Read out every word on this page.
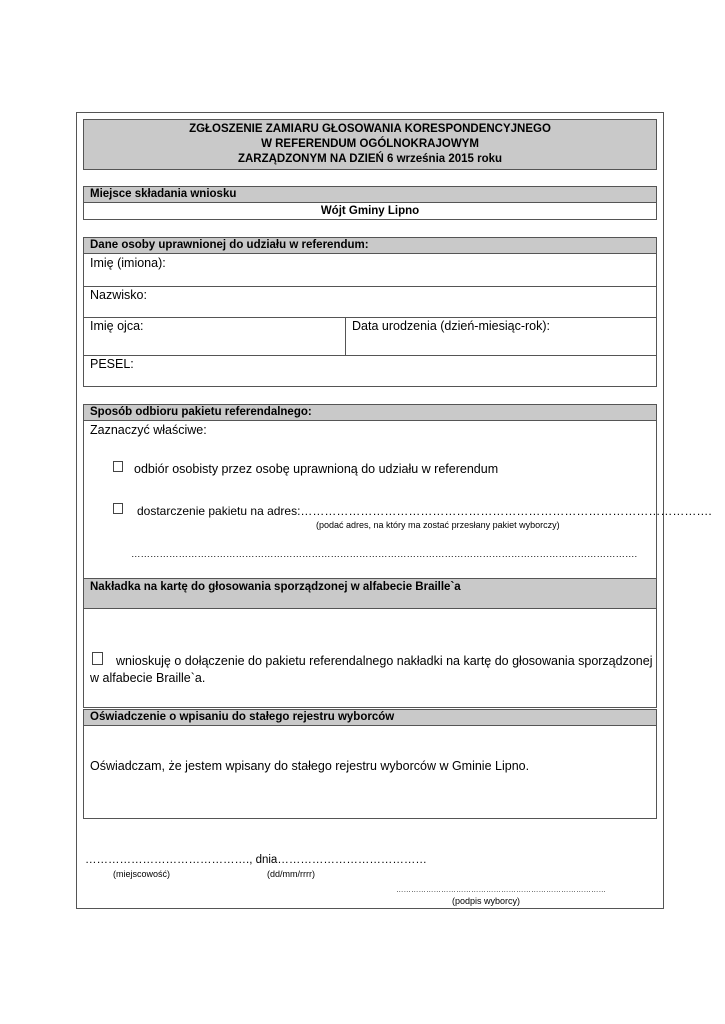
ZGŁOSZENIE ZAMIARU GŁOSOWANIA KORESPONDENCYJNEGO
W REFERENDUM OGÓLNOKRAJOWYM
ZARZĄDZONYM NA DZIEŃ 6 września 2015 roku
Miejsce składania wniosku
Wójt Gminy Lipno
Dane osoby uprawnionej do udziału w referendum:
Imię (imiona):
Nazwisko:
Imię ojca:	Data urodzenia (dzień-miesiąc-rok):
PESEL:
Sposób odbioru pakietu referendalnego:
Zaznaczyć właściwe:
odbiór osobisty przez osobę uprawnioną do udziału w referendum
dostarczenie pakietu na adres:………………………………………………………………………………………….
(podać adres, na który ma zostać przesłany pakiet wyborczy)
…………………………………………………………………………………………………………………………………………….
Nakładka na kartę do głosowania sporządzonej w alfabecie Braille`a
wnioskuję o dołączenie do pakietu referendalnego nakładki na kartę do głosowania sporządzonej
w alfabecie Braille`a.
Oświadczenie o wpisaniu do stałego rejestru wyborców
Oświadczam, że jestem wpisany do stałego rejestru wyborców w Gminie Lipno.
……………………………………., dnia…………………………………
(miejscowość)	(dd/mm/rrrr)
…………………………………………………………………………
(podpis wyborcy)
